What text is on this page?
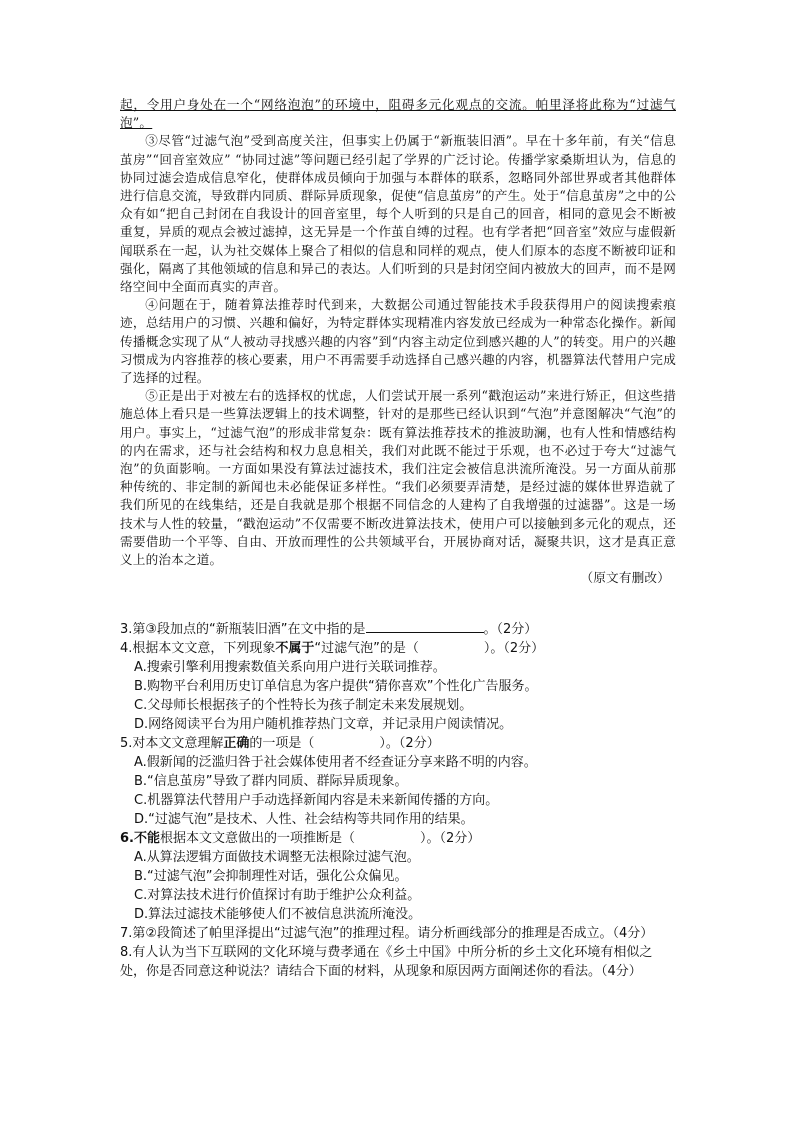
起，令用户身处在一个“网络泡泡”的环境中，阻碍多元化观点的交流。帕里泽将此称为“过滤气泡”。

③尽管“过滤气泡”受到高度关注，但事实上仍属于“新瓶装旧酒”。早在十多年前，有关“信息茧房”“回音室效应” “协同过滤”等问题已经引起了学界的广泛讨论。传播学家桑斯坦认为，信息的协同过滤会造成信息窄化，使群体成员倾向于加强与本群体的联系，忽略同外部世界或者其他群体进行信息交流，导致群内同质、群际异质现象，促使“信息茧房”的产生。处于“信息茧房”之中的公众有如“把自己封闭在自我设计的回音室里，每个人听到的只是自己的回音，相同的意见会不断被重复，异质的观点会被过滤掉，这无异是一个作茧自缚的过程。也有学者把“回音室”效应与虚假新闻联系在一起，认为社交媒体上聚合了相似的信息和同样的观点，使人们原本的态度不断被印证和强化，隔离了其他领域的信息和异己的表达。人们听到的只是封闭空间内被放大的回声，而不是网络空间中全面而真实的声音。

④问题在于，随着算法推荐时代到来，大数据公司通过智能技术手段获得用户的阅读搜索痕迹，总结用户的习惯、兴趣和偏好，为特定群体实现精准内容发放已经成为一种常态化操作。新闻传播概念实现了从“人被动寻找感兴趣的内容”到“内容主动定位到感兴趣的人”的转变。用户的兴趣习惯成为内容推荐的核心要素，用户不再需要手动选择自己感兴趣的内容，机器算法代替用户完成了选择的过程。

⑤正是出于对被左右的选择权的忧虑，人们尝试开展一系列“戳泡运动”来进行矫正，但这些措施总体上看只是一些算法逻辑上的技术调整，针对的是那些已经认识到“气泡”并意图解决“气泡”的用户。事实上，“过滤气泡”的形成非常复杂：既有算法推荐技术的推波助澜，也有人性和情感结构的内在需求，还与社会结构和权力息息相关，我们对此既不能过于乐观，也不必过于夸大“过滤气泡”的负面影响。一方面如果没有算法过滤技术，我们注定会被信息洪流所淹没。另一方面从前那种传统的、非定制的新闻也未必能保证多样性。“我们必须要弄清楚，是经过滤的媒体世界造就了我们所见的在线集结，还是自我就是那个根据不同信念的人建构了自我增强的过滤器”。这是一场技术与人性的较量，“戳泡运动”不仅需要不断改进算法技术，使用户可以接触到多元化的观点，还需要借助一个平等、自由、开放而理性的公共领域平台，开展协商对话，凝聚共识，这才是真正意义上的治本之道。

（原文有删改）

3.第③段加点的“新瓶装旧酒”在文中指的是	。（2分）

4.根据本文文意，下列现象不属于“过滤气泡”的是（　　　　　）。（2分）

A.搜索引擎利用搜索数值关系向用户进行关联词推荐。

B.购物平台利用历史订单信息为客户提供“猜你喜欢”个性化广告服务。

C.父母师长根据孩子的个性特长为孩子制定未来发展规划。

D.网络阅读平台为用户随机推荐热门文章，并记录用户阅读情况。

5.对本文文意理解正确的一项是（　　　　　）。（2分）

A.假新闻的泛滥归咎于社会媒体使用者不经查证分享来路不明的内容。

B.“信息茧房”导致了群内同质、群际异质现象。

C.机器算法代替用户手动选择新闻内容是未来新闻传播的方向。

D.“过滤气泡”是技术、人性、社会结构等共同作用的结果。

6.不能根据本文文意做出的一项推断是（　　　　　）。（2分）

A.从算法逻辑方面做技术调整无法根除过滤气泡。

B.“过滤气泡”会抑制理性对话，强化公众偏见。

C.对算法技术进行价值探讨有助于维护公众利益。

D.算法过滤技术能够使人们不被信息洪流所淹没。

7.第②段简述了帕里泽提出“过滤气泡”的推理过程。请分析画线部分的推理是否成立。（4分）

8.有人认为当下互联网的文化环境与费孝通在《乡土中国》中所分析的乡土文化环境有相似之处，你是否同意这种说法？请结合下面的材料，从现象和原因两方面阐述你的看法。（4分）
